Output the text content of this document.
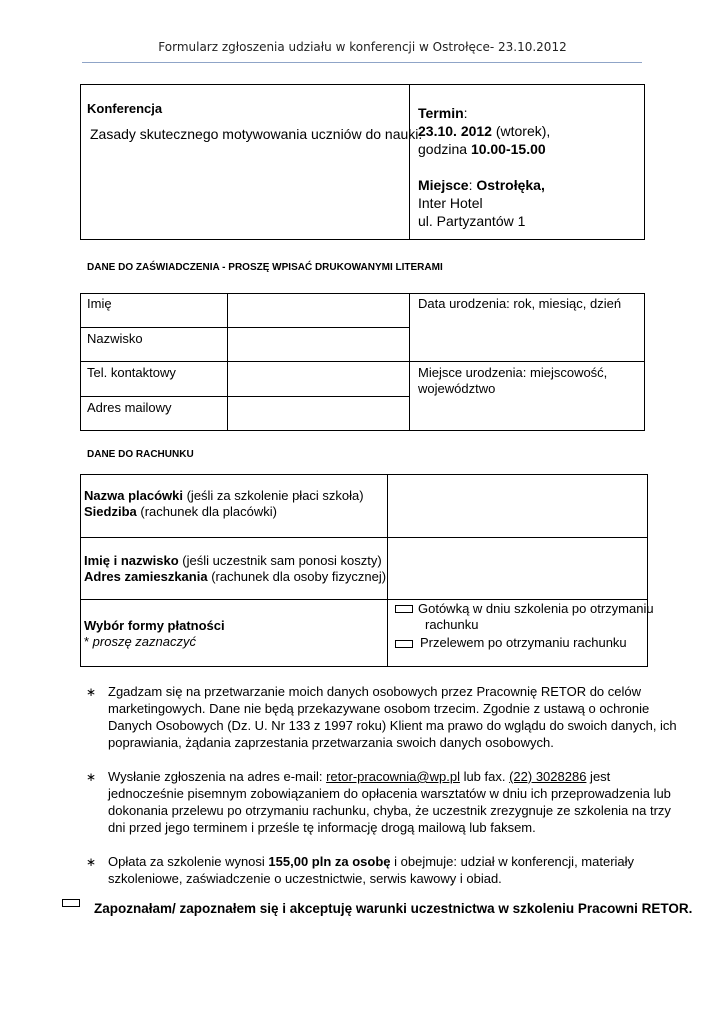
Formularz zgłoszenia udziału w konferencji w Ostrołęce- 23.10.2012
Konferencja
Zasady skutecznego motywowania uczniów do nauki.
Termin:
23.10. 2012 (wtorek),
godzina 10.00-15.00
Miejsce: Ostrołęka,
Inter Hotel
ul. Partyzantów 1
DANE DO ZAŚWIADCZENIA - PROSZĘ WPISAĆ DRUKOWANYMI LITERAMI
Imię
Nazwisko
Tel. kontaktowy
Adres mailowy
Data urodzenia: rok, miesiąc, dzień
Miejsce urodzenia: miejscowość,
województwo
DANE DO RACHUNKU
Nazwa placówki (jeśli za szkolenie płaci szkoła)
Siedziba (rachunek dla placówki)
Imię i nazwisko (jeśli uczestnik sam ponosi koszty)
Adres zamieszkania (rachunek dla osoby fizycznej)
Wybór formy płatności
* proszę zaznaczyć
Gotówką w dniu szkolenia po otrzymaniu
rachunku
Przelewem po otrzymaniu rachunku
∗ Zgadzam się na przetwarzanie moich danych osobowych przez Pracownię RETOR do celów
marketingowych. Dane nie będą przekazywane osobom trzecim. Zgodnie z ustawą o ochronie
Danych Osobowych (Dz. U. Nr 133 z 1997 roku) Klient ma prawo do wglądu do swoich danych, ich
poprawiania, żądania zaprzestania przetwarzania swoich danych osobowych.
∗ Wysłanie zgłoszenia na adres e-mail: retor-pracownia@wp.pl lub fax. (22) 3028286 jest
jednocześnie pisemnym zobowiązaniem do opłacenia warsztatów w dniu ich przeprowadzenia lub
dokonania przelewu po otrzymaniu rachunku, chyba, że uczestnik zrezygnuje ze szkolenia na trzy
dni przed jego terminem i prześle tę informację drogą mailową lub faksem.
∗ Opłata za szkolenie wynosi 155,00 pln za osobę i obejmuje: udział w konferencji, materiały
szkoleniowe, zaświadczenie o uczestnictwie, serwis kawowy i obiad.
Zapoznałam/ zapoznałem się i akceptuję warunki uczestnictwa w szkoleniu Pracowni RETOR.
